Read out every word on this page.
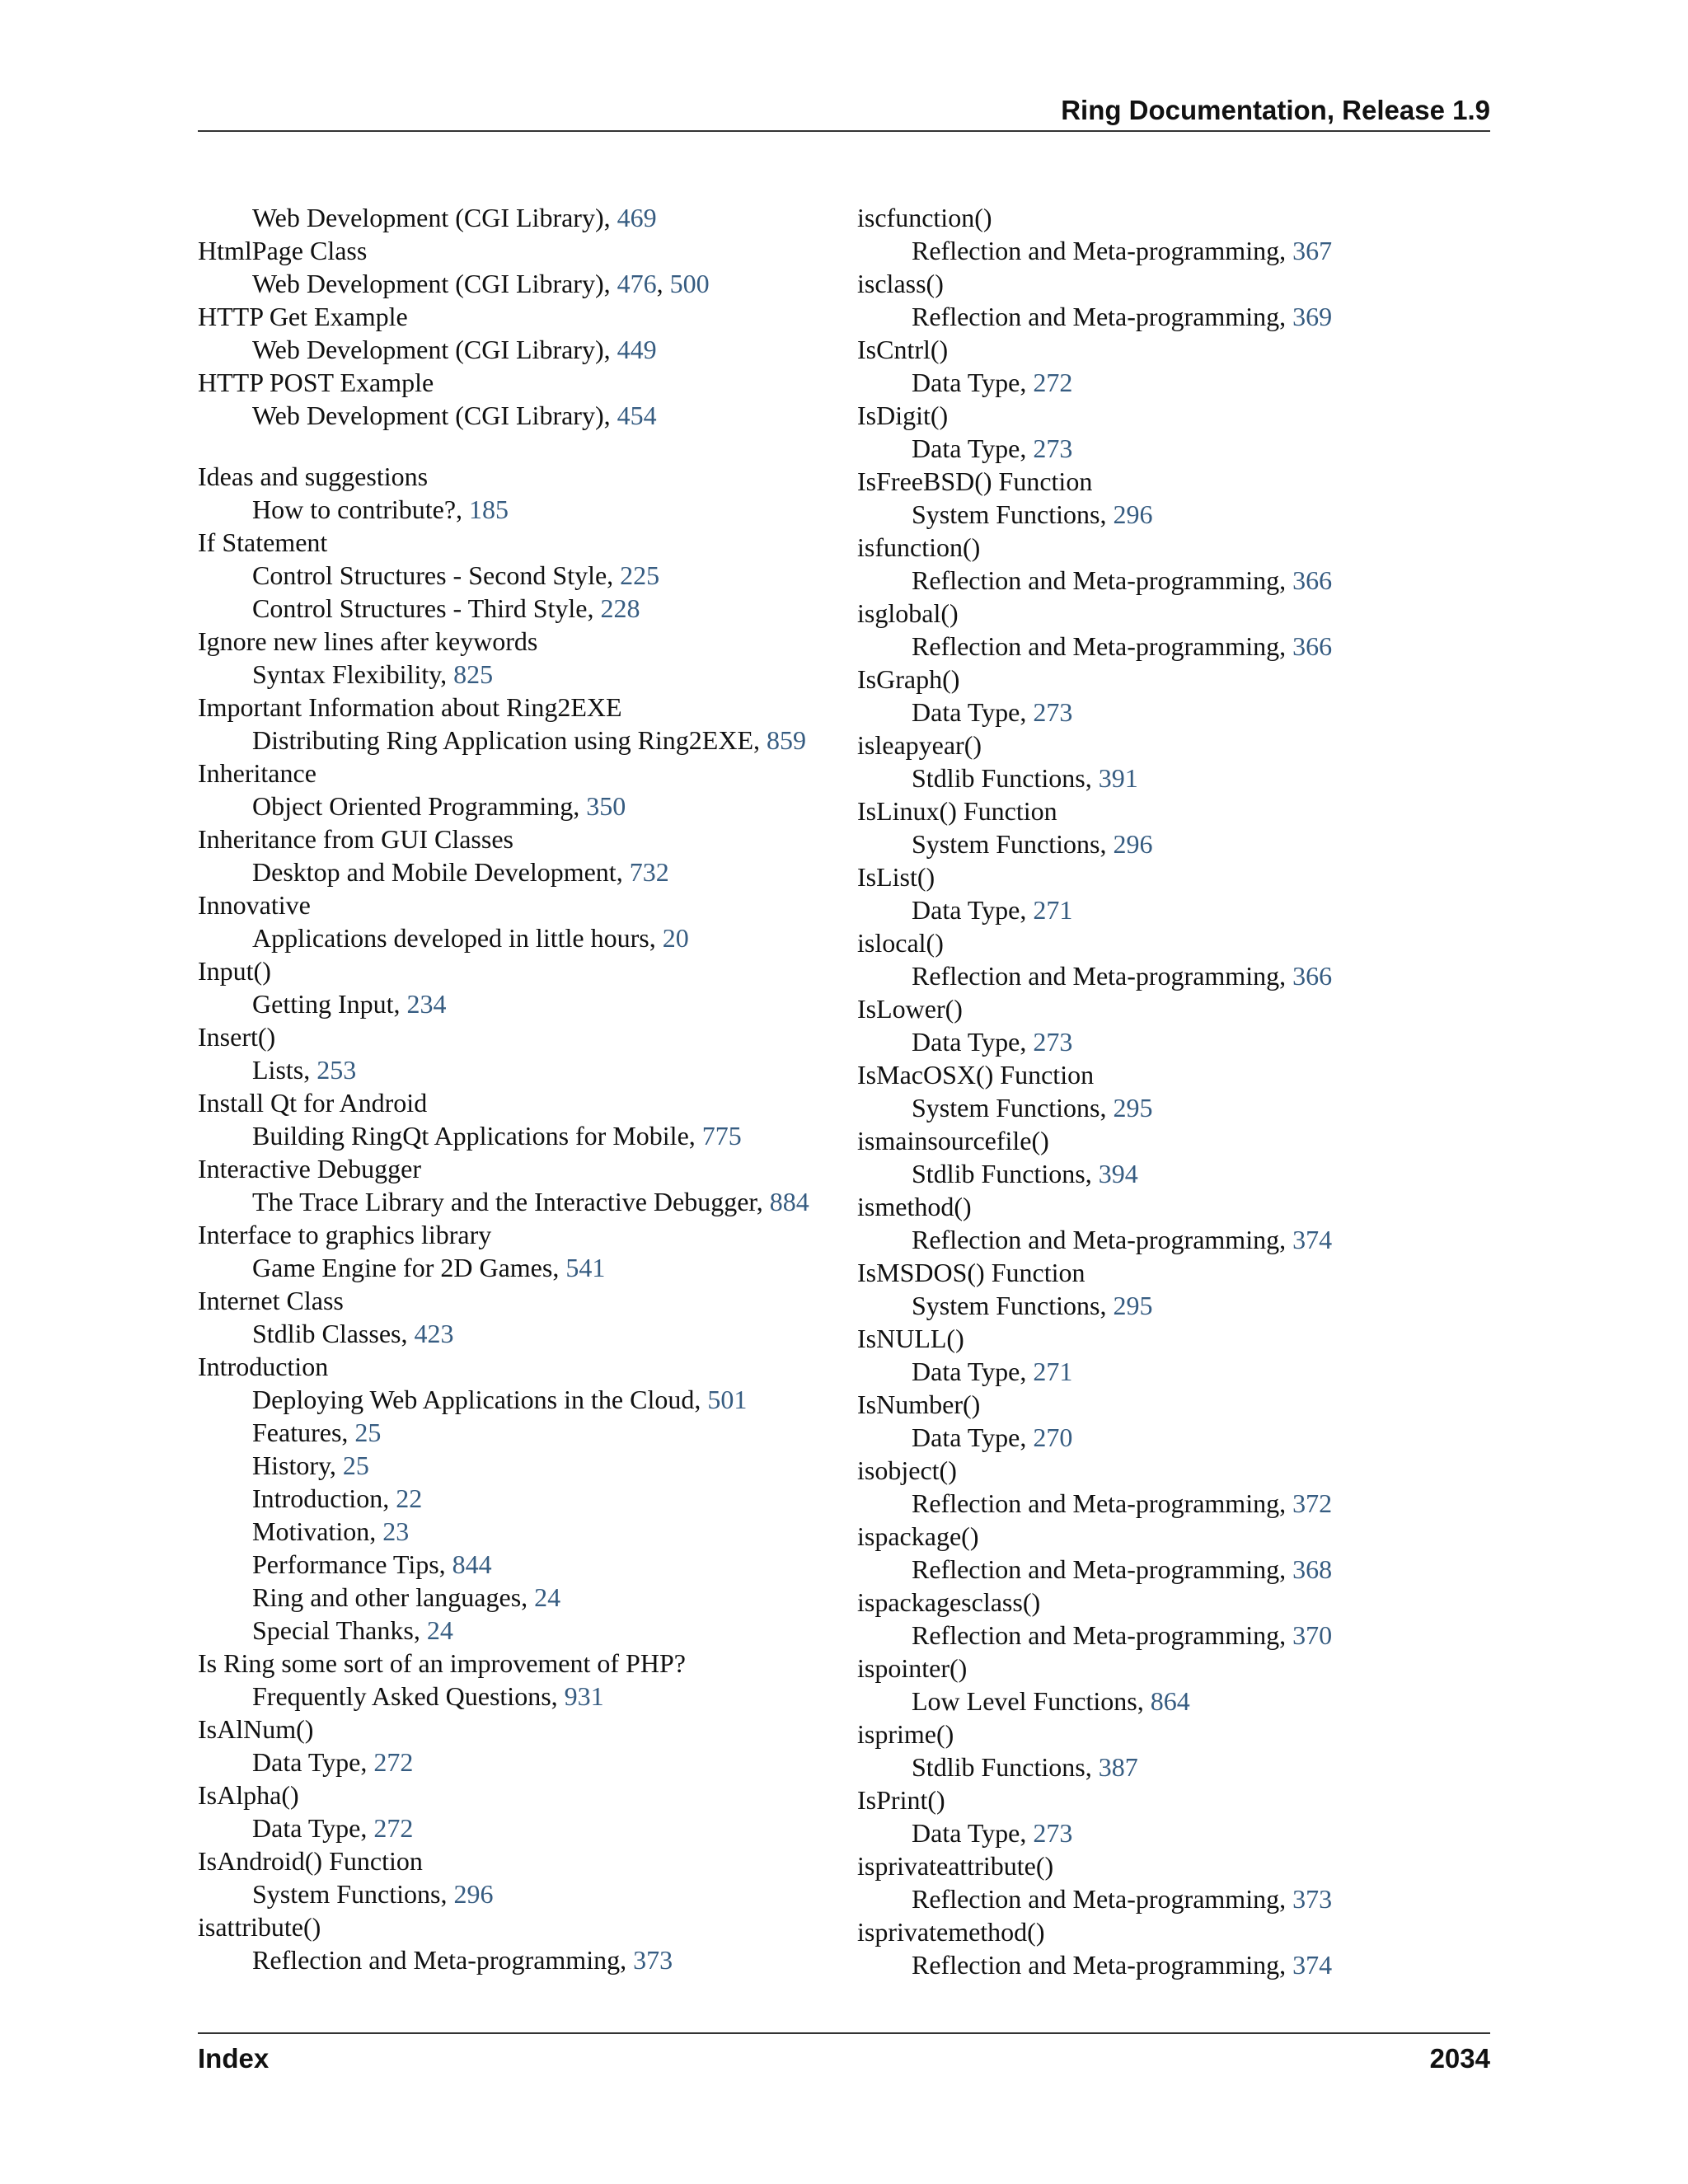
Ring Documentation, Release 1.9
Web Development (CGI Library), 469
HtmlPage Class
Web Development (CGI Library), 476, 500
HTTP Get Example
Web Development (CGI Library), 449
HTTP POST Example
Web Development (CGI Library), 454
Ideas and suggestions
How to contribute?, 185
If Statement
Control Structures - Second Style, 225
Control Structures - Third Style, 228
Ignore new lines after keywords
Syntax Flexibility, 825
Important Information about Ring2EXE
Distributing Ring Application using Ring2EXE, 859
Inheritance
Object Oriented Programming, 350
Inheritance from GUI Classes
Desktop and Mobile Development, 732
Innovative
Applications developed in little hours, 20
Input()
Getting Input, 234
Insert()
Lists, 253
Install Qt for Android
Building RingQt Applications for Mobile, 775
Interactive Debugger
The Trace Library and the Interactive Debugger, 884
Interface to graphics library
Game Engine for 2D Games, 541
Internet Class
Stdlib Classes, 423
Introduction
Deploying Web Applications in the Cloud, 501
Features, 25
History, 25
Introduction, 22
Motivation, 23
Performance Tips, 844
Ring and other languages, 24
Special Thanks, 24
Is Ring some sort of an improvement of PHP?
Frequently Asked Questions, 931
IsAlNum()
Data Type, 272
IsAlpha()
Data Type, 272
IsAndroid() Function
System Functions, 296
isattribute()
Reflection and Meta-programming, 373
iscfunction()
Reflection and Meta-programming, 367
isclass()
Reflection and Meta-programming, 369
IsCntrl()
Data Type, 272
IsDigit()
Data Type, 273
IsFreeBSD() Function
System Functions, 296
isfunction()
Reflection and Meta-programming, 366
isglobal()
Reflection and Meta-programming, 366
IsGraph()
Data Type, 273
isleapyear()
Stdlib Functions, 391
IsLinux() Function
System Functions, 296
IsList()
Data Type, 271
islocal()
Reflection and Meta-programming, 366
IsLower()
Data Type, 273
IsMacOSX() Function
System Functions, 295
ismainsourcefile()
Stdlib Functions, 394
ismethod()
Reflection and Meta-programming, 374
IsMSDOS() Function
System Functions, 295
IsNULL()
Data Type, 271
IsNumber()
Data Type, 270
isobject()
Reflection and Meta-programming, 372
ispackage()
Reflection and Meta-programming, 368
ispackagesclass()
Reflection and Meta-programming, 370
ispointer()
Low Level Functions, 864
isprime()
Stdlib Functions, 387
IsPrint()
Data Type, 273
isprivateattribute()
Reflection and Meta-programming, 373
isprivatemethod()
Reflection and Meta-programming, 374
Index	2034
